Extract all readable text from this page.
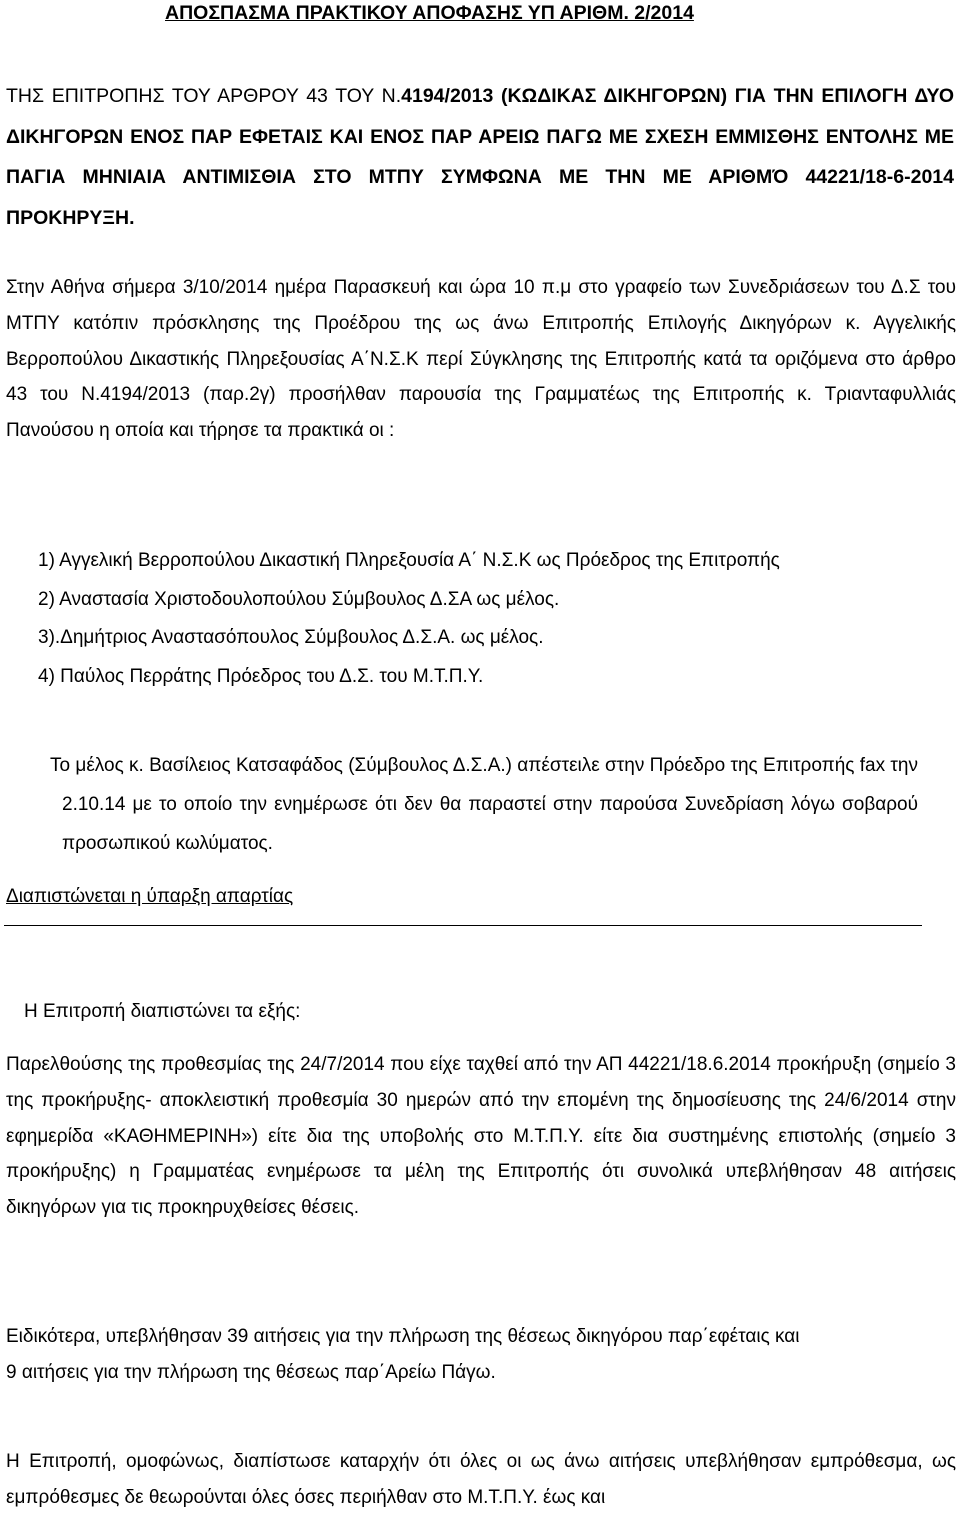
ΑΠΟΣΠΑΣΜΑ ΠΡΑΚΤΙΚΟΥ ΑΠΟΦΑΣΗΣ ΥΠ ΑΡΙΘΜ. 2/2014

ΤΗΣ ΕΠΙΤΡΟΠΗΣ ΤΟΥ ΑΡΘΡΟΥ 43 ΤΟΥ Ν.4194/2013 (ΚΩΔΙΚΑΣ ΔΙΚΗΓΟΡΩΝ) ΓΙΑ ΤΗΝ ΕΠΙΛΟΓΗ ΔΥΟ ΔΙΚΗΓΟΡΩΝ ΕΝΟΣ ΠΑΡ ΕΦΕΤΑΙΣ ΚΑΙ ΕΝΟΣ ΠΑΡ ΑΡΕΙΩ ΠΑΓΩ ΜΕ ΣΧΕΣΗ ΕΜΜΙΣΘΗΣ ΕΝΤΟΛΗΣ ΜΕ ΠΑΓΙΑ ΜΗΝΙΑΙΑ ΑΝΤΙΜΙΣΘΙΑ ΣΤΟ ΜΤΠΥ ΣΥΜΦΩΝΑ ΜΕ ΤΗΝ ΜΕ ΑΡΙΘΜΌ 44221/18-6-2014 ΠΡΟΚΗΡΥΞΗ.

Στην Αθήνα σήμερα 3/10/2014 ημέρα Παρασκευή και ώρα 10 π.μ στο γραφείο των Συνεδριάσεων του Δ.Σ του ΜΤΠΥ κατόπιν πρόσκλησης της Προέδρου της ως άνω Επιτροπής Επιλογής Δικηγόρων κ. Αγγελικής Βερροπούλου Δικαστικής Πληρεξουσίας Α΄Ν.Σ.Κ περί Σύγκλησης της Επιτροπής κατά τα οριζόμενα στο άρθρο 43 του Ν.4194/2013 (παρ.2γ) προσήλθαν παρουσία της Γραμματέως της Επιτροπής κ. Τριανταφυλλιάς Πανούσου η οποία και τήρησε τα πρακτικά οι :

1) Αγγελική Βερροπούλου Δικαστική Πληρεξουσία Α΄ Ν.Σ.Κ ως Πρόεδρος της Επιτροπής
2) Αναστασία Χριστοδουλοπούλου Σύμβουλος Δ.ΣΑ ως μέλος.
3).Δημήτριος Αναστασόπουλος Σύμβουλος Δ.Σ.Α. ως μέλος.
4) Παύλος Περράτης Πρόεδρος του Δ.Σ. του Μ.Τ.Π.Υ.

Το μέλος κ. Βασίλειος Κατσαφάδος (Σύμβουλος Δ.Σ.Α.) απέστειλε στην Πρόεδρο της Επιτροπής fax την 2.10.14 με το οποίο την ενημέρωσε ότι δεν θα παραστεί στην παρούσα Συνεδρίαση λόγω σοβαρού προσωπικού κωλύματος.

Διαπιστώνεται η ύπαρξη απαρτίας

Η Επιτροπή διαπιστώνει τα εξής:

Παρελθούσης της προθεσμίας της 24/7/2014 που είχε ταχθεί από την ΑΠ 44221/18.6.2014 προκήρυξη (σημείο 3 της προκήρυξης- αποκλειστική προθεσμία 30 ημερών από την επομένη της δημοσίευσης της 24/6/2014 στην εφημερίδα «ΚΑΘΗΜΕΡΙΝΗ») είτε δια της υποβολής στο Μ.Τ.Π.Υ. είτε δια συστημένης επιστολής (σημείο 3 προκήρυξης) η Γραμματέας ενημέρωσε τα μέλη της Επιτροπής ότι συνολικά υπεβλήθησαν 48 αιτήσεις δικηγόρων για τις προκηρυχθείσες θέσεις.

Ειδικότερα, υπεβλήθησαν 39 αιτήσεις για την πλήρωση της θέσεως δικηγόρου παρ΄εφέταις και

9 αιτήσεις για την πλήρωση της θέσεως παρ΄Αρείω Πάγω.

Η Επιτροπή, ομοφώνως, διαπίστωσε καταρχήν ότι όλες οι ως άνω αιτήσεις υπεβλήθησαν εμπρόθεσμα, ως εμπρόθεσμες δε θεωρούνται όλες όσες περιήλθαν στο Μ.Τ.Π.Υ. έως και
